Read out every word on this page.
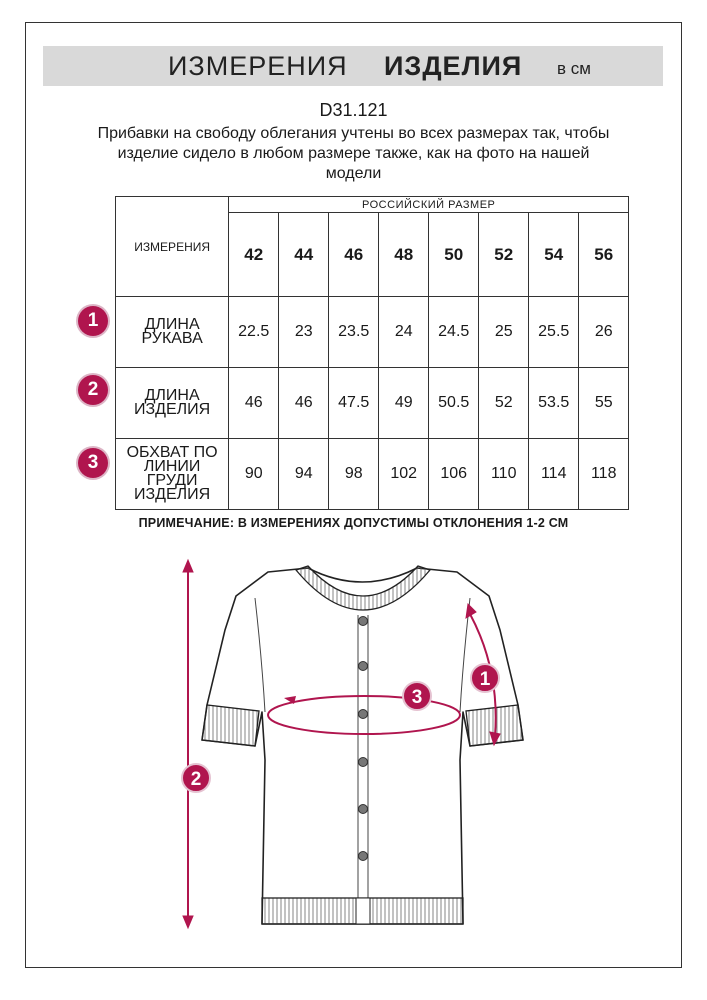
ИЗМЕРЕНИЯ ИЗДЕЛИЯ в см
D31.121
Прибавки на свободу облегания учтены во всех размерах так, чтобы изделие сидело в любом размере также, как на фото на нашей модели
ИЗМЕРЕНИЯ	РОССИЙСКИЙ РАЗМЕР							
	42	44	46	48	50	52	54	56
ДЛИНА РУКАВА	22.5	23	23.5	24	24.5	25	25.5	26
ДЛИНА ИЗДЕЛИЯ	46	46	47.5	49	50.5	52	53.5	55
ОБХВАТ ПО ЛИНИИ ГРУДИ ИЗДЕЛИЯ	90	94	98	102	106	110	114	118
1
2
3
ПРИМЕЧАНИЕ: В ИЗМЕРЕНИЯХ ДОПУСТИМЫ ОТКЛОНЕНИЯ 1-2 СМ
1
2
3
